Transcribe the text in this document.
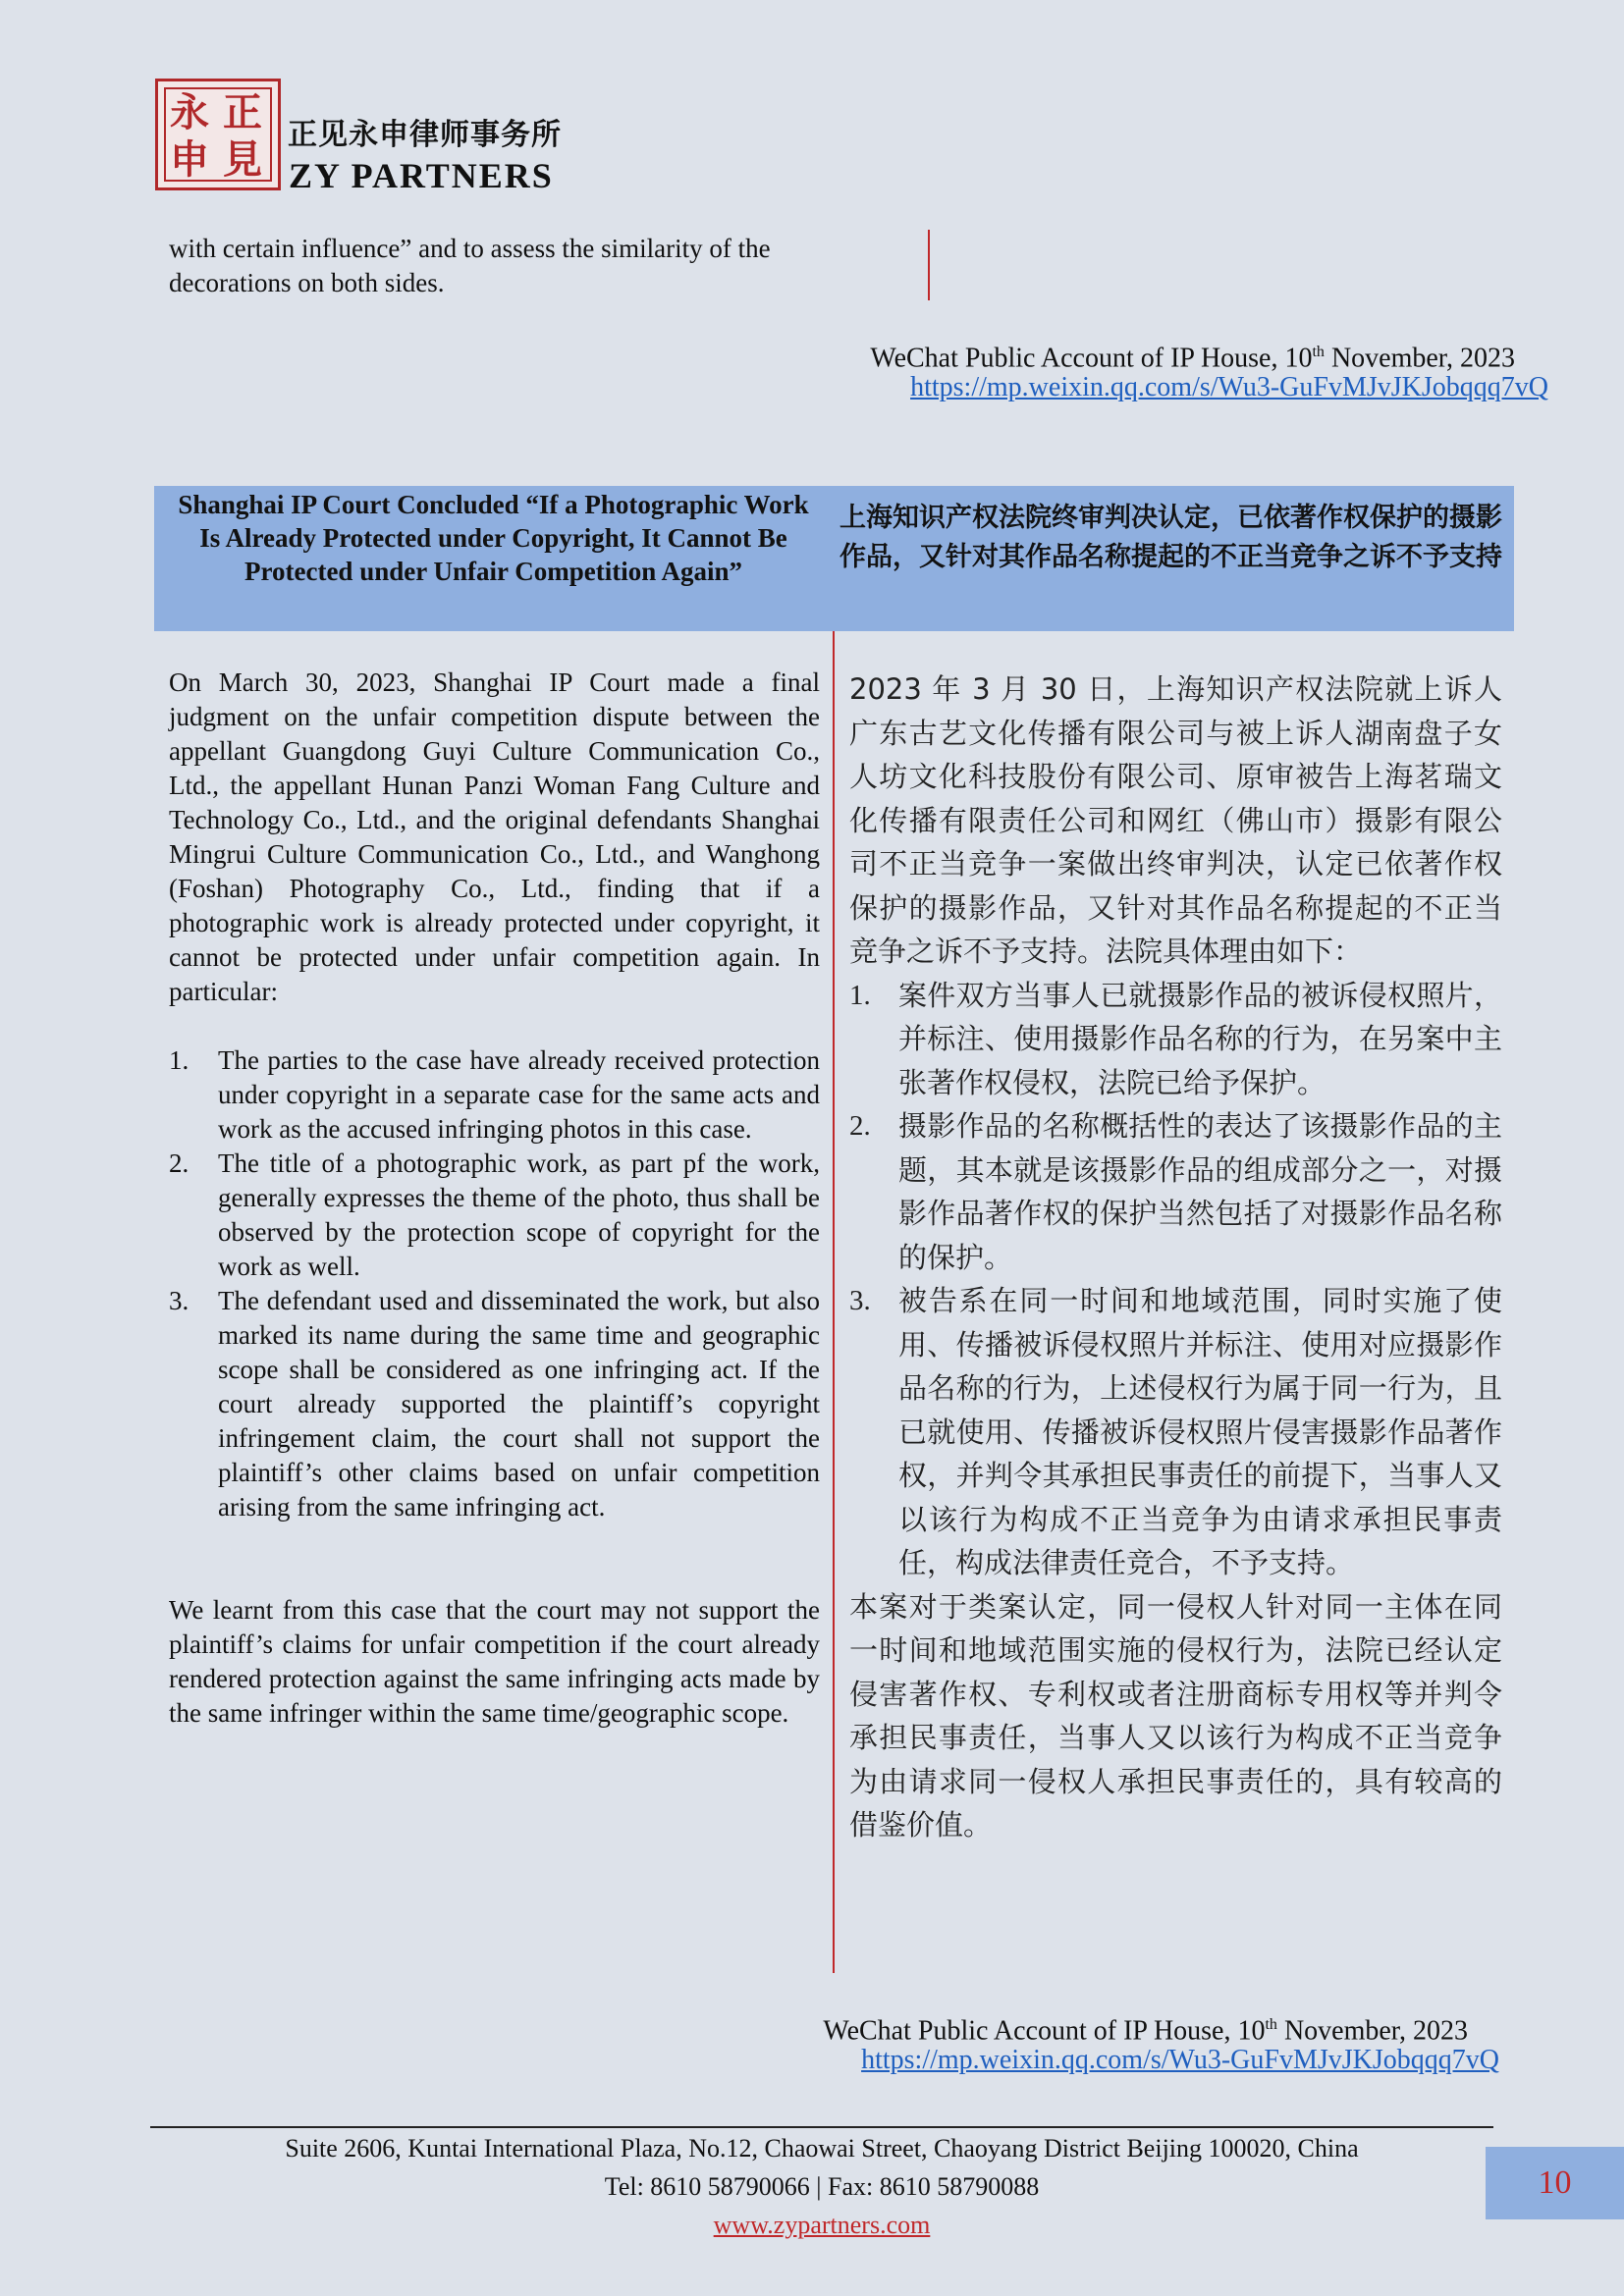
永 正
申 見
正见永申律师事务所
ZY PARTNERS
with certain influence” and to assess the similarity of the decorations on both sides.
WeChat Public Account of IP House, 10th November, 2023
https://mp.weixin.qq.com/s/Wu3-GuFvMJvJKJobqqq7vQ
Shanghai IP Court Concluded “If a Photographic Work Is Already Protected under Copyright, It Cannot Be Protected under Unfair Competition Again”
上海知识产权法院终审判决认定，已依著作权保护的摄影作品，又针对其作品名称提起的不正当竞争之诉不予支持

On March 30, 2023, Shanghai IP Court made a final judgment on the unfair competition dispute between the appellant Guangdong Guyi Culture Communication Co., Ltd., the appellant Hunan Panzi Woman Fang Culture and Technology Co., Ltd., and the original defendants Shanghai Mingrui Culture Communication Co., Ltd., and Wanghong (Foshan) Photography Co., Ltd., finding that if a photographic work is already protected under copyright, it cannot be protected under unfair competition again. In particular:

1. The parties to the case have already received protection under copyright in a separate case for the same acts and work as the accused infringing photos in this case.
2. The title of a photographic work, as part pf the work, generally expresses the theme of the photo, thus shall be observed by the protection scope of copyright for the work as well.
3. The defendant used and disseminated the work, but also marked its name during the same time and geographic scope shall be considered as one infringing act. If the court already supported the plaintiff’s copyright infringement claim, the court shall not support the plaintiff’s other claims based on unfair competition arising from the same infringing act.

We learnt from this case that the court may not support the plaintiff’s claims for unfair competition if the court already rendered protection against the same infringing acts made by the same infringer within the same time/geographic scope.

2023 年 3 月 30 日，上海知识产权法院就上诉人广东古艺文化传播有限公司与被上诉人湖南盘子女人坊文化科技股份有限公司、原审被告上海茗瑞文化传播有限责任公司和网红（佛山市）摄影有限公司不正当竞争一案做出终审判决，认定已依著作权保护的摄影作品，又针对其作品名称提起的不正当竞争之诉不予支持。法院具体理由如下：

1. 案件双方当事人已就摄影作品的被诉侵权照片，并标注、使用摄影作品名称的行为，在另案中主张著作权侵权，法院已给予保护。
2. 摄影作品的名称概括性的表达了该摄影作品的主题，其本就是该摄影作品的组成部分之一，对摄影作品著作权的保护当然包括了对摄影作品名称的保护。
3. 被告系在同一时间和地域范围，同时实施了使用、传播被诉侵权照片并标注、使用对应摄影作品名称的行为，上述侵权行为属于同一行为，且已就使用、传播被诉侵权照片侵害摄影作品著作权，并判令其承担民事责任的前提下，当事人又以该行为构成不正当竞争为由请求承担民事责任，构成法律责任竞合，不予支持。

本案对于类案认定，同一侵权人针对同一主体在同一时间和地域范围实施的侵权行为，法院已经认定侵害著作权、专利权或者注册商标专用权等并判令承担民事责任，当事人又以该行为构成不正当竞争为由请求同一侵权人承担民事责任的，具有较高的借鉴价值。

WeChat Public Account of IP House, 10th November, 2023
https://mp.weixin.qq.com/s/Wu3-GuFvMJvJKJobqqq7vQ
Suite 2606, Kuntai International Plaza, No.12, Chaowai Street, Chaoyang District Beijing 100020, China
Tel: 8610 58790066 | Fax: 8610 58790088
www.zypartners.com
10
